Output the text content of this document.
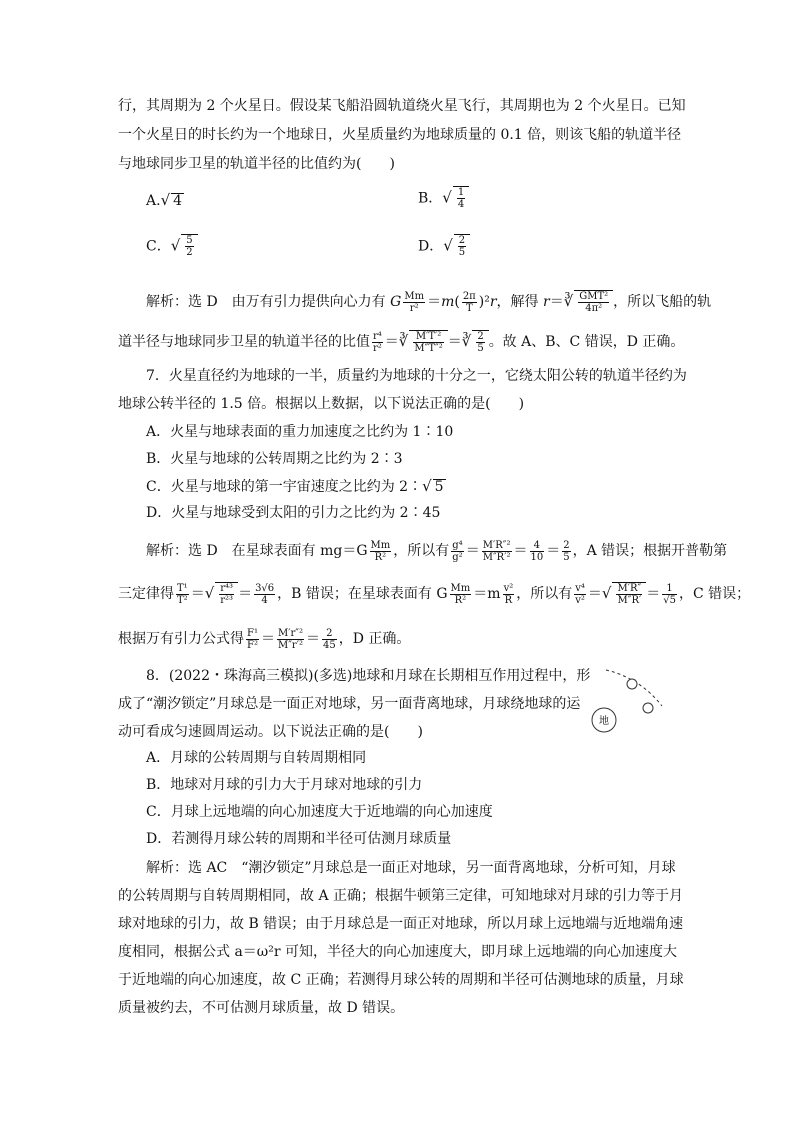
行，其周期为 2 个火星日。假设某飞船沿圆轨道绕火星飞行，其周期也为 2 个火星日。已知
一个火星日的时长约为一个地球日，火星质量约为地球质量的 0.1 倍，则该飞船的轨道半径
与地球同步卫星的轨道半径的比值约为(　　)
A.√ 4	B．√ $\frac{1}{4}$
C．√ $\frac{5}{2}$	D．√ $\frac{2}{5}$
解析：选 D　由万有引力提供向心力有 G $\frac{Mm}{\text{r²}} =m( \frac{2\pi}{T} )^2r$，解得 r＝∛ $\frac{\text{GMT²}}{\text{4π²}}$ ，所以飞船的轨
道半径与地球同步卫星的轨道半径的比值 $\frac{\text{r⁴}}{\text{r²}}$ ＝∛ $\frac{\text{M′T′²}}{\text{M″T″²}}$ ＝∛ $\frac{2}{5}$ 。故 A、B、C 错误，D 正确。
7．火星直径约为地球的一半，质量约为地球的十分之一，它绕太阳公转的轨道半径约为
地球公转半径的 1.5 倍。根据以上数据，以下说法正确的是(　　)
A．火星与地球表面的重力加速度之比约为 1∶10
B．火星与地球的公转周期之比约为 2∶3
C．火星与地球的第一宇宙速度之比约为 2∶√ 5
D．火星与地球受到太阳的引力之比约为 2∶45
解析：选 D　在星球表面有 $mg=G \frac{Mm}{\text{R²}}$ ，所以有 $\frac{\text{g⁴}}{\text{g²}} = \frac{\text{M′R″²}}{\text{M″R′²}} = \frac{4}{10} = \frac{2}{5}$ ，A 错误；根据开普勒第
三定律得 $\frac{\text{T¹}}{\text{T²}}$ ＝√ $\frac{\text{r⁴³}}{\text{r²³}} = \frac{3√6}{4}$ ，B 错误；在星球表面有 G $\frac{Mm}{\text{R²}} =m \frac{\text{v²}}{R}$ ，所以有 $\frac{\text{v⁴}}{\text{v²}}$ ＝√ $\frac{M'R''}{M''R'} = \frac{1}{√5}$ ，C 错误；
根据万有引力公式得 $\frac{\text{F¹}}{\text{F²}} = \frac{\text{M′r″²}}{\text{M″r′²}} = \frac{2}{45}$ ，D 正确。
8．(2022・珠海高三模拟)(多选)地球和月球在长期相互作用过程中，形
成了“潮汐锁定”月球总是一面正对地球，另一面背离地球，月球绕地球的运
动可看成匀速圆周运动。以下说法正确的是(　　)
地
A．月球的公转周期与自转周期相同
B．地球对月球的引力大于月球对地球的引力
C．月球上远地端的向心加速度大于近地端的向心加速度
D．若测得月球公转的周期和半径可估测月球质量
解析：选 AC　“潮汐锁定”月球总是一面正对地球，另一面背离地球，分析可知，月球
的公转周期与自转周期相同，故 A 正确；根据牛顿第三定律，可知地球对月球的引力等于月
球对地球的引力，故 B 错误；由于月球总是一面正对地球，所以月球上远地端与近地端角速
度相同，根据公式 a＝ω²r 可知，半径大的向心加速度大，即月球上远地端的向心加速度大
于近地端的向心加速度，故 C 正确；若测得月球公转的周期和半径可估测地球的质量，月球
质量被约去，不可估测月球质量，故 D 错误。
